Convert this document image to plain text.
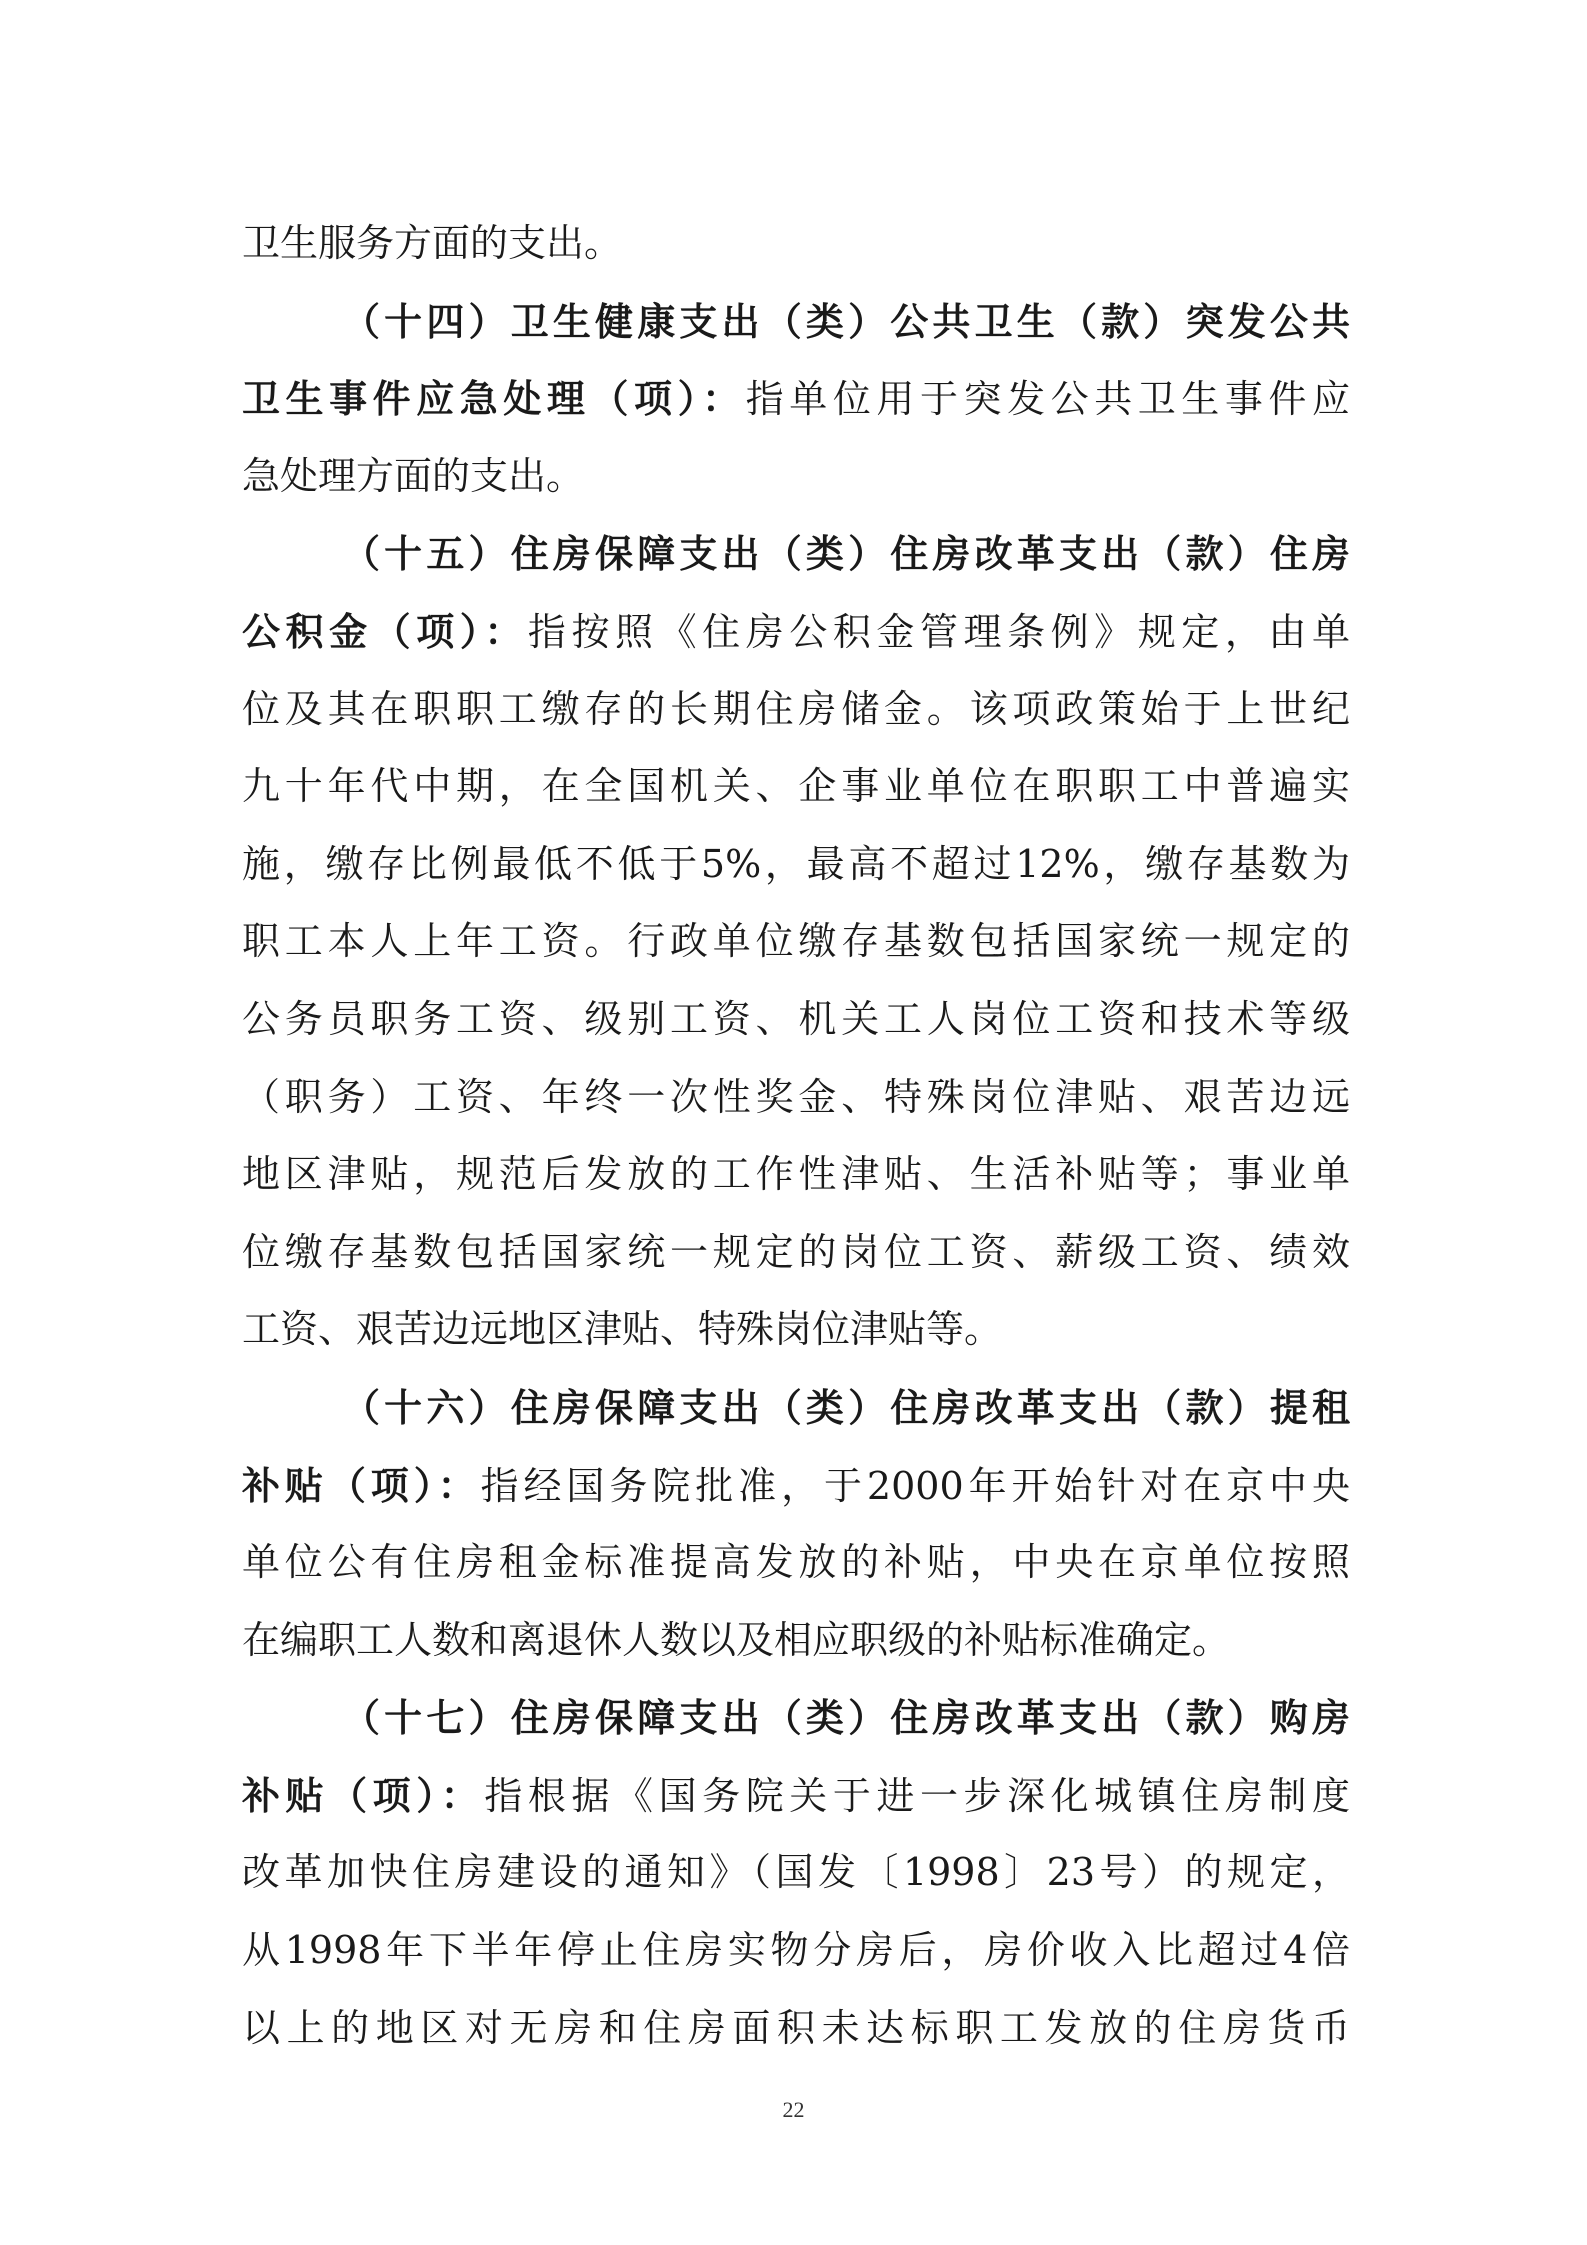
卫生服务方面的支出。
（十四）卫生健康支出（类）公共卫生（款）突发公共
卫生事件应急处理（项）：指单位用于突发公共卫生事件应
急处理方面的支出。
（十五）住房保障支出（类）住房改革支出（款）住房
公积金（项）：指按照《住房公积金管理条例》规定，由单
位及其在职职工缴存的长期住房储金。该项政策始于上世纪
九十年代中期，在全国机关、企事业单位在职职工中普遍实
施，缴存比例最低不低于5%，最高不超过12%，缴存基数为
职工本人上年工资。行政单位缴存基数包括国家统一规定的
公务员职务工资、级别工资、机关工人岗位工资和技术等级
（职务）工资、年终一次性奖金、特殊岗位津贴、艰苦边远
地区津贴，规范后发放的工作性津贴、生活补贴等；事业单
位缴存基数包括国家统一规定的岗位工资、薪级工资、绩效
工资、艰苦边远地区津贴、特殊岗位津贴等。
（十六）住房保障支出（类）住房改革支出（款）提租
补贴（项）：指经国务院批准，于2000年开始针对在京中央
单位公有住房租金标准提高发放的补贴，中央在京单位按照
在编职工人数和离退休人数以及相应职级的补贴标准确定。
（十七）住房保障支出（类）住房改革支出（款）购房
补贴（项）：指根据《国务院关于进一步深化城镇住房制度
改革加快住房建设的通知》（国发〔1998〕23号）的规定，
从1998年下半年停止住房实物分房后，房价收入比超过4倍
以上的地区对无房和住房面积未达标职工发放的住房货币
22
